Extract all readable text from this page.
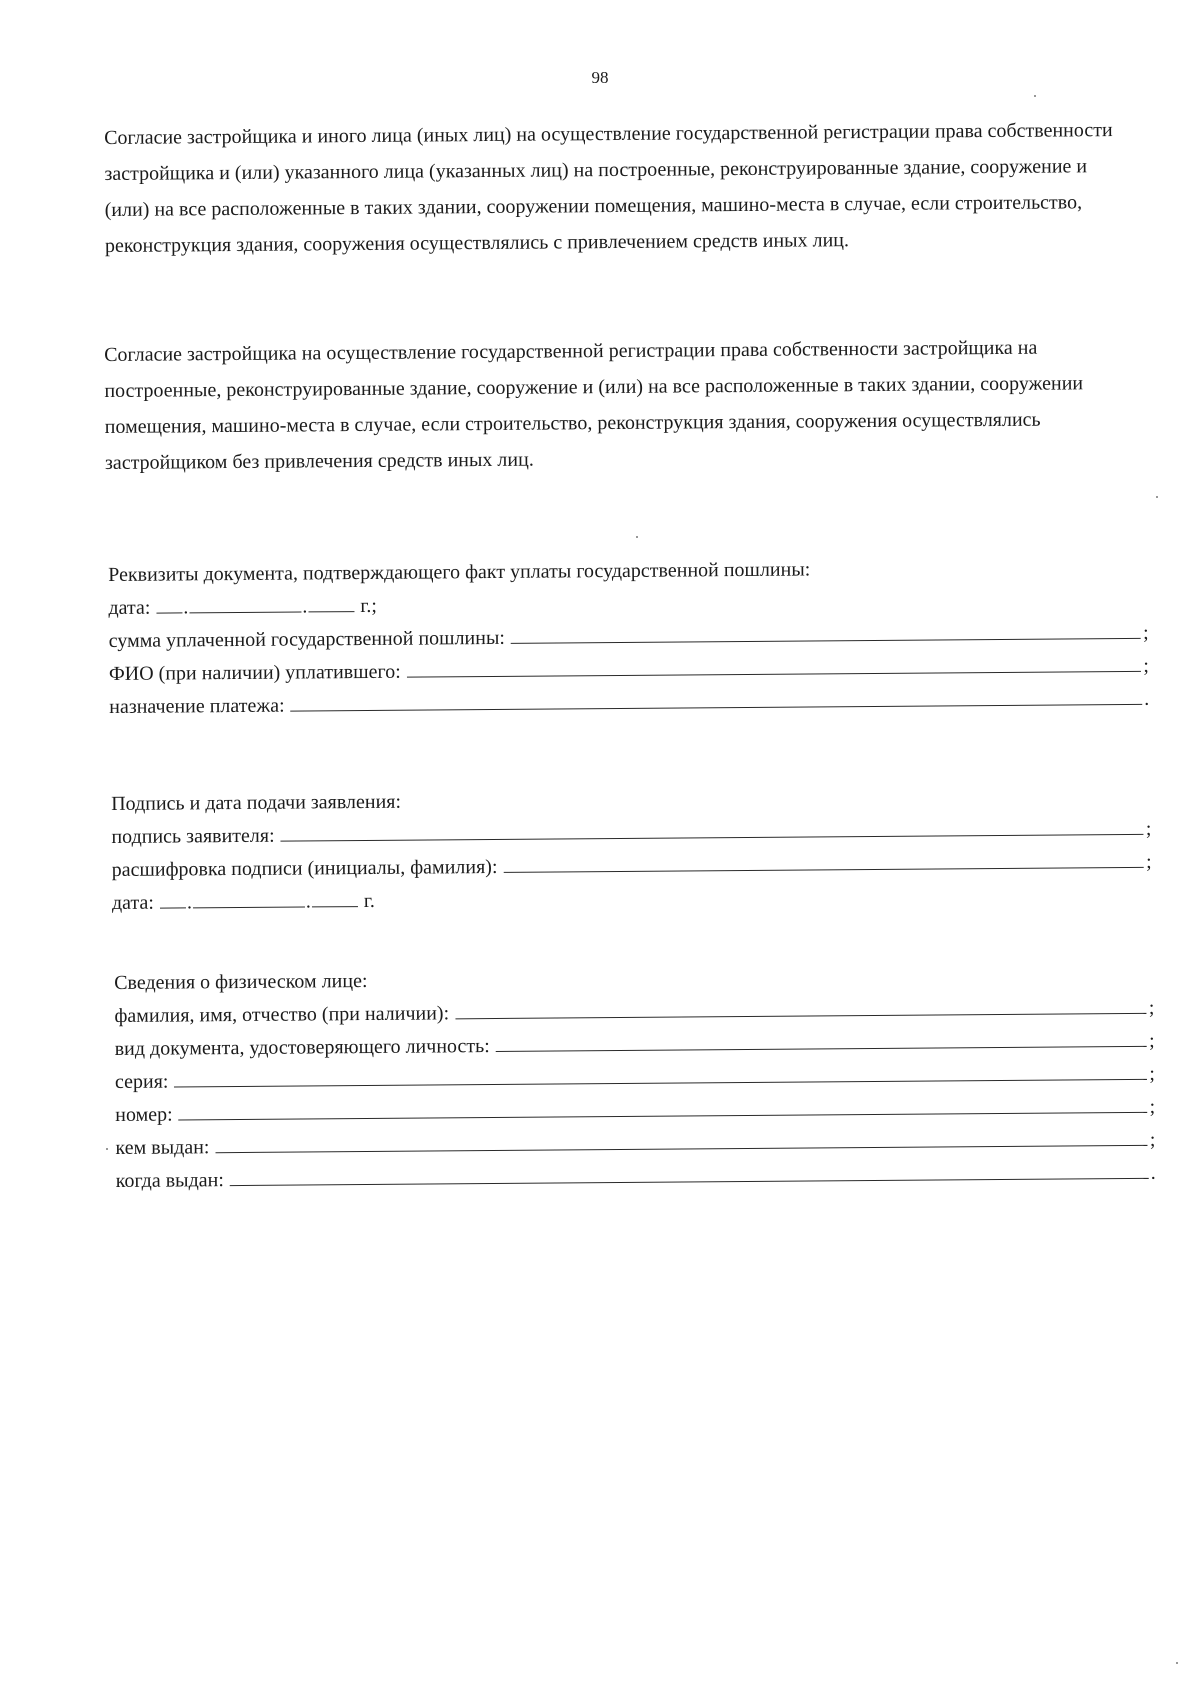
98
Согласие застройщика и иного лица (иных лиц) на осуществление государственной регистрации права собственности застройщика и (или) указанного лица (указанных лиц) на построенные, реконструированные здание, сооружение и (или) на все расположенные в таких здании, сооружении помещения, машино-места в случае, если строительство, реконструкция здания, сооружения осуществлялись с привлечением средств иных лиц.
Согласие застройщика на осуществление государственной регистрации права собственности застройщика на построенные, реконструированные здание, сооружение и (или) на все расположенные в таких здании, сооружении помещения, машино-места в случае, если строительство, реконструкция здания, сооружения осуществлялись застройщиком без привлечения средств иных лиц.
Реквизиты документа, подтверждающего факт уплаты государственной пошлины:
дата: .	.	г.;
сумма уплаченной государственной пошлины:	;
ФИО (при наличии) уплатившего:	;
назначение платежа:	.
Подпись и дата подачи заявления:
подпись заявителя:	;
расшифровка подписи (инициалы, фамилия):	;
дата: .	.	г.
Сведения о физическом лице:
фамилия, имя, отчество (при наличии):	;
вид документа, удостоверяющего личность:	;
серия:	;
номер:	;
кем выдан:	;
когда выдан:	.
